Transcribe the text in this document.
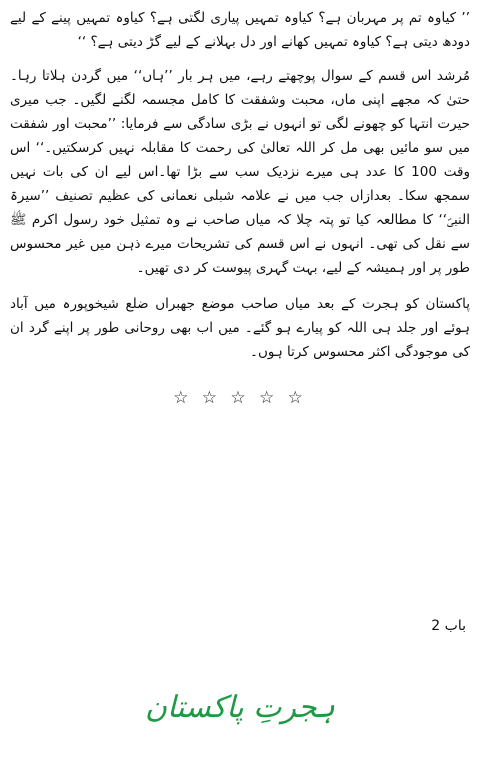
’’ کیاوہ تم پر مہربان ہے؟ کیاوہ تمہیں پیاری لگتی ہے؟ کیاوہ تمہیں پینے کے لیے دودھ دیتی ہے؟ کیاوہ تمہیں کھانے اور دل بہلانے کے لیے گڑ دیتی ہے؟ ‘‘

مُرشد اس قسم کے سوال پوچھتے رہے، میں ہر بار ’’ہاں‘‘ میں گردن ہلاتا رہا۔حتیٰ کہ مجھے اپنی ماں، محبت وشفقت کا کامل مجسمہ لگنے لگیں۔ جب میری حیرت انتہا کو چھونے لگی تو انہوں نے بڑی سادگی سے فرمایا: ’’محبت اور شفقت میں سو مائیں بھی مل کر اللہ تعالیٰ کی رحمت کا مقابلہ نہیں کرسکتیں۔‘‘ اس وقت 100 کا عدد ہی میرے نزدیک سب سے بڑا تھا۔اس لیے ان کی بات نہیں سمجھ سکا۔ بعدازاں جب میں نے علامہ شبلی نعمانی کی عظیم تصنیف ’’سیرۃ النبیؐ‘‘ کا مطالعہ کیا تو پتہ چلا کہ میاں صاحب نے وہ تمثیل خود رسول اکرم ﷺ سے نقل کی تھی۔ انہوں نے اس قسم کی تشریحات میرے ذہن میں غیر محسوس طور پر اور ہمیشہ کے لیے، بہت گہری پیوست کر دی تھیں۔

پاکستان کو ہجرت کے بعد میاں صاحب موضع جھبراں ضلع شیخوپورہ میں آباد ہوئے اور جلد ہی اللہ کو پیارے ہو گئے۔ میں اب بھی روحانی طور پر اپنے گرد ان کی موجودگی اکثر محسوس کرتا ہوں۔

☆ ☆ ☆ ☆ ☆
باب 2
ہجرتِ پاکستان
